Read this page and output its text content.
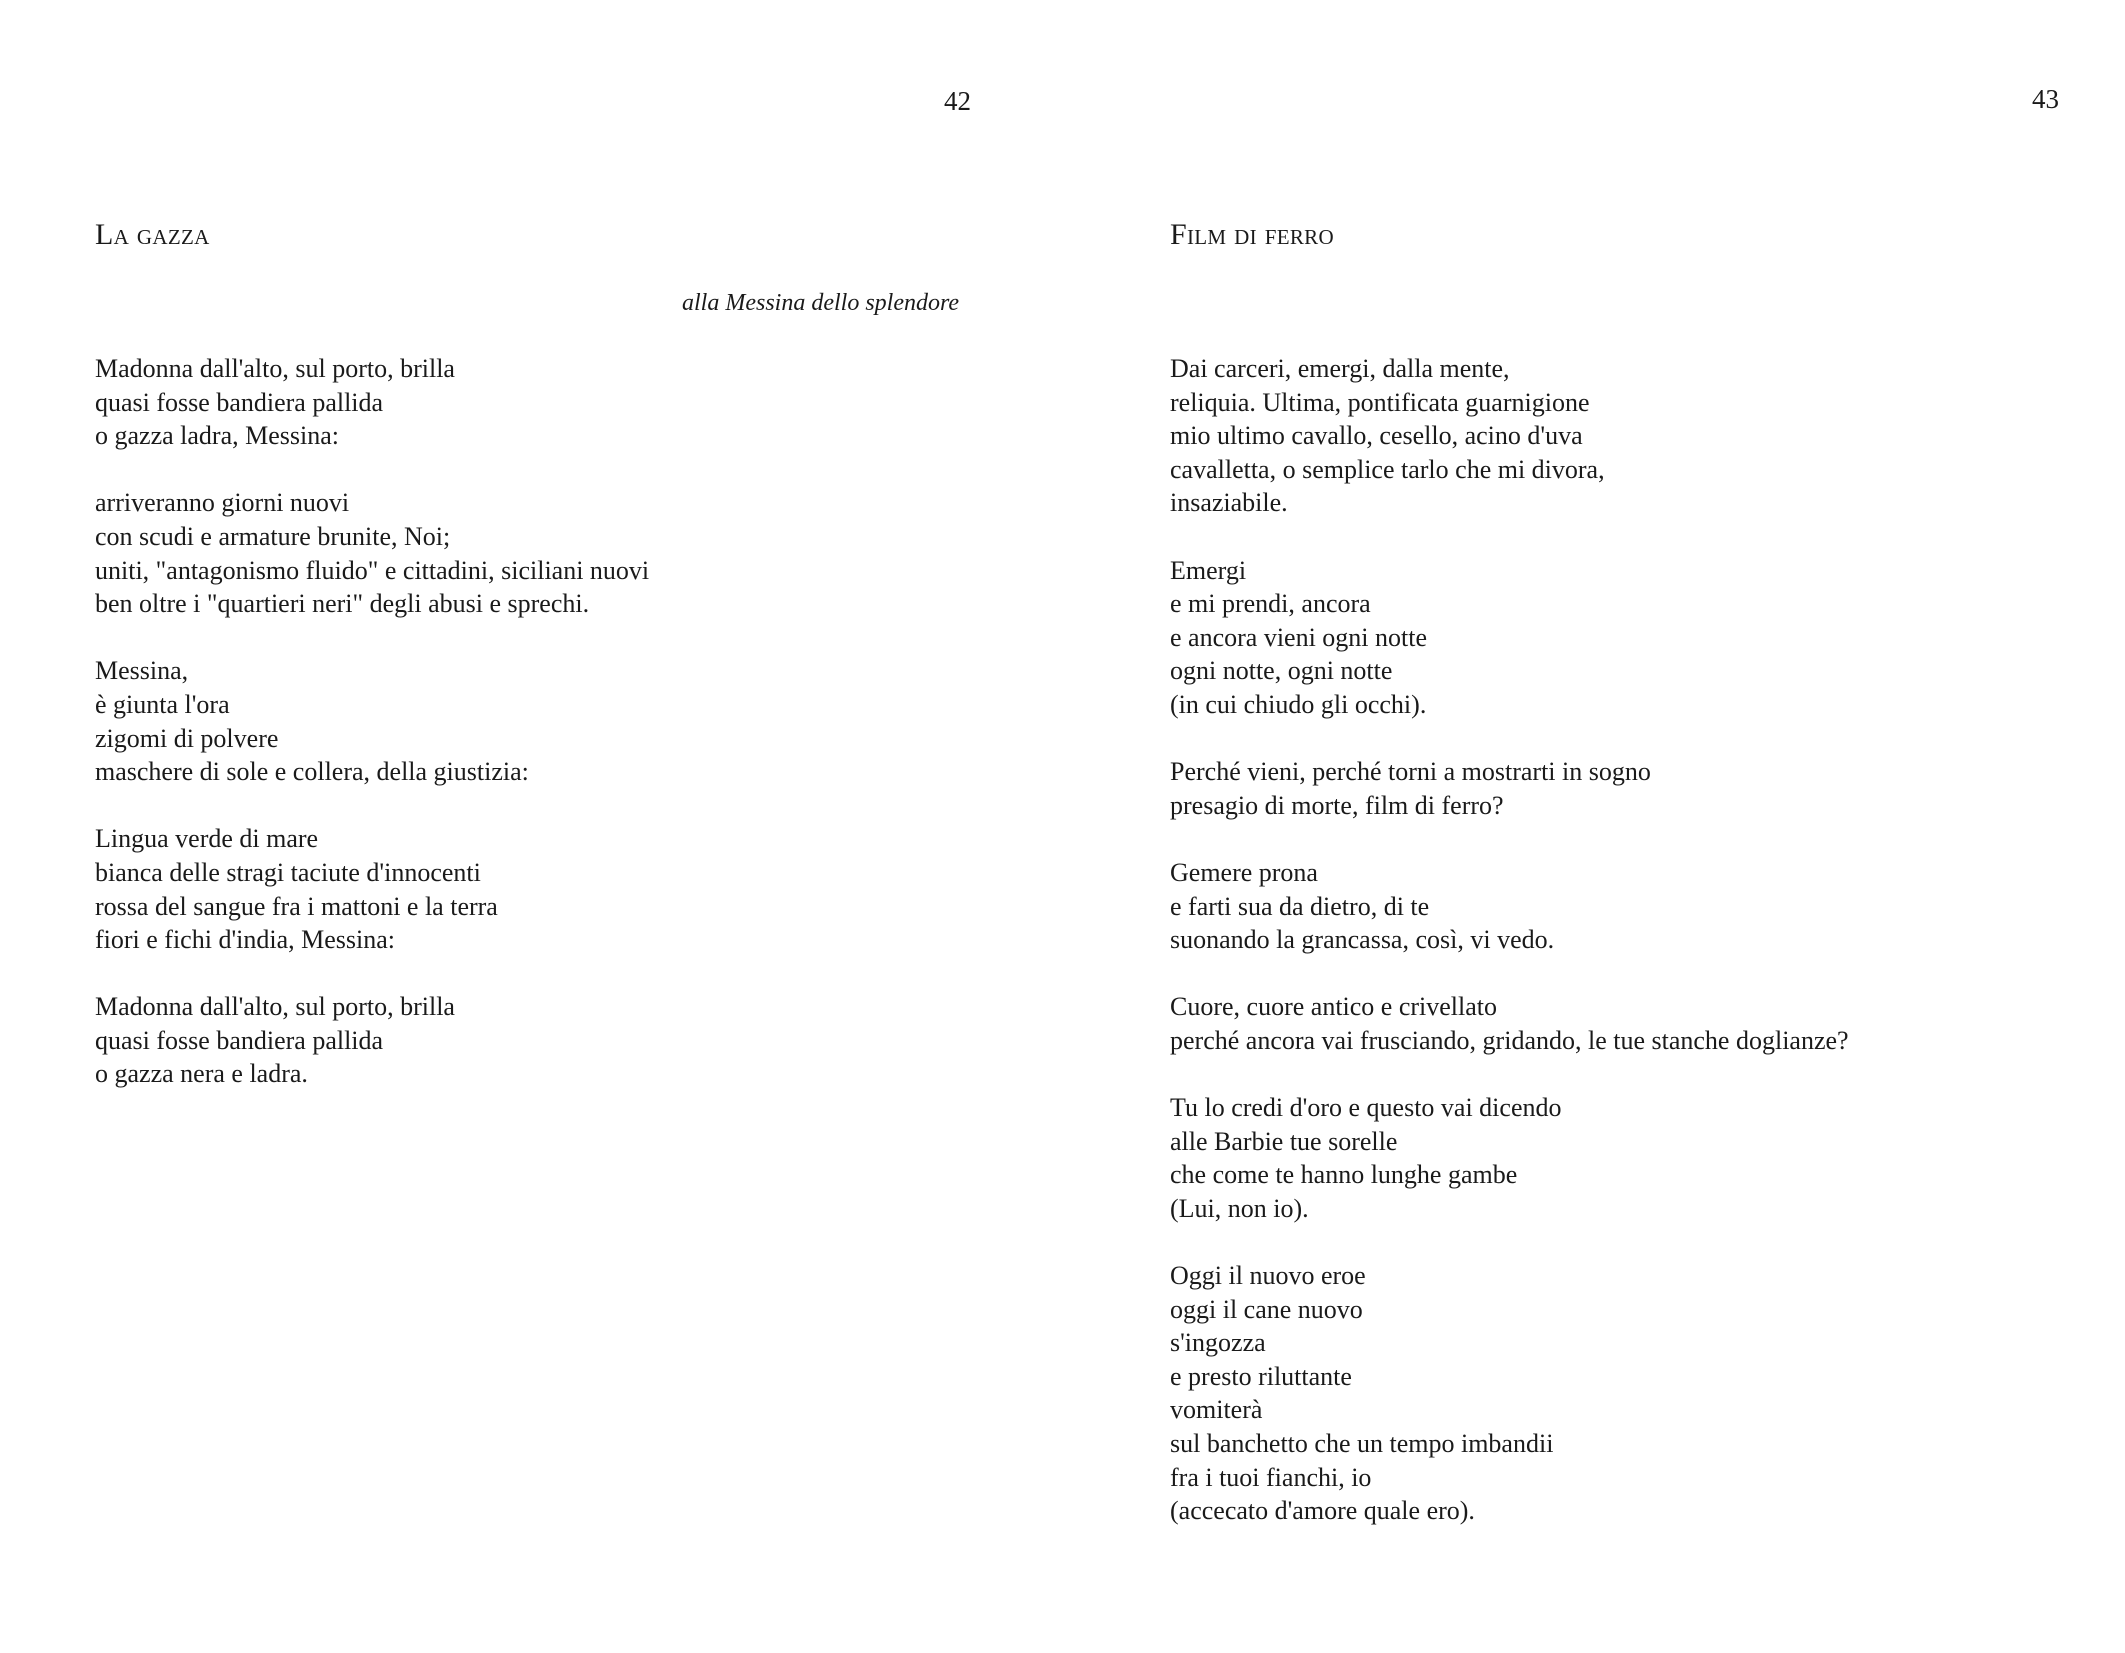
42
La gazza
alla Messina dello splendore
Madonna dall'alto, sul porto, brilla
quasi fosse bandiera pallida
o gazza ladra, Messina:
arriveranno giorni nuovi
con scudi e armature brunite, Noi;
uniti, "antagonismo fluido" e cittadini, siciliani nuovi
ben oltre i "quartieri neri" degli abusi e sprechi.
Messina,
è giunta l'ora
zigomi di polvere
maschere di sole e collera, della giustizia:
Lingua verde di mare
bianca delle stragi taciute d'innocenti
rossa del sangue fra i mattoni e la terra
fiori e fichi d'india, Messina:
Madonna dall'alto, sul porto, brilla
quasi fosse bandiera pallida
o gazza nera e ladra.
43
Film di ferro
Dai carceri, emergi, dalla mente,
reliquia. Ultima, pontificata guarnigione
mio ultimo cavallo, cesello, acino d'uva
cavalletta, o semplice tarlo che mi divora,
insaziabile.
Emergi
e mi prendi, ancora
e ancora vieni ogni notte
ogni notte, ogni notte
(in cui chiudo gli occhi).
Perché vieni, perché torni a mostrarti in sogno
presagio di morte, film di ferro?
Gemere prona
e farti sua da dietro, di te
suonando la grancassa, così, vi vedo.
Cuore, cuore antico e crivellato
perché ancora vai frusciando, gridando, le tue stanche doglianze?
Tu lo credi d'oro e questo vai dicendo
alle Barbie tue sorelle
che come te hanno lunghe gambe
(Lui, non io).
Oggi il nuovo eroe
oggi il cane nuovo
s'ingozza
e presto riluttante
vomiterà
sul banchetto che un tempo imbandii
fra i tuoi fianchi, io
(accecato d'amore quale ero).
